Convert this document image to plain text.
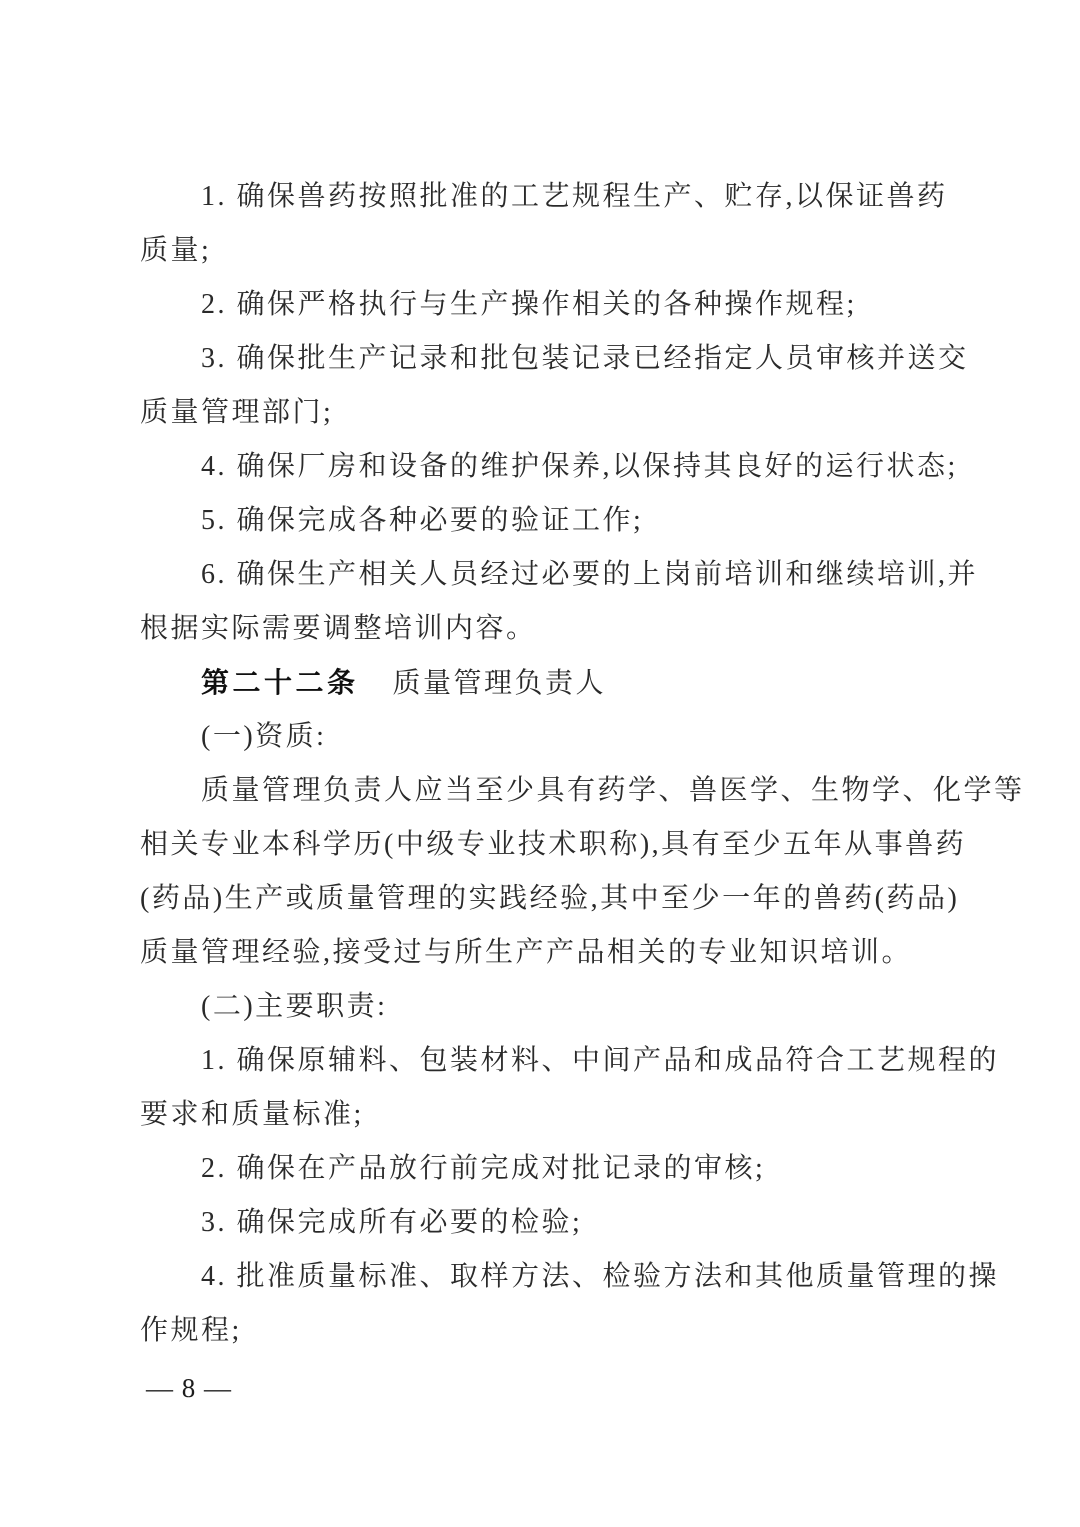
1. 确保兽药按照批准的工艺规程生产、贮存,以保证兽药
质量;
2. 确保严格执行与生产操作相关的各种操作规程;
3. 确保批生产记录和批包装记录已经指定人员审核并送交
质量管理部门;
4. 确保厂房和设备的维护保养,以保持其良好的运行状态;
5. 确保完成各种必要的验证工作;
6. 确保生产相关人员经过必要的上岗前培训和继续培训,并
根据实际需要调整培训内容。
第二十二条 质量管理负责人
(一)资质:
质量管理负责人应当至少具有药学、兽医学、生物学、化学等
相关专业本科学历(中级专业技术职称),具有至少五年从事兽药
(药品)生产或质量管理的实践经验,其中至少一年的兽药(药品)
质量管理经验,接受过与所生产产品相关的专业知识培训。
(二)主要职责:
1. 确保原辅料、包装材料、中间产品和成品符合工艺规程的
要求和质量标准;
2. 确保在产品放行前完成对批记录的审核;
3. 确保完成所有必要的检验;
4. 批准质量标准、取样方法、检验方法和其他质量管理的操
作规程;
— 8 —
